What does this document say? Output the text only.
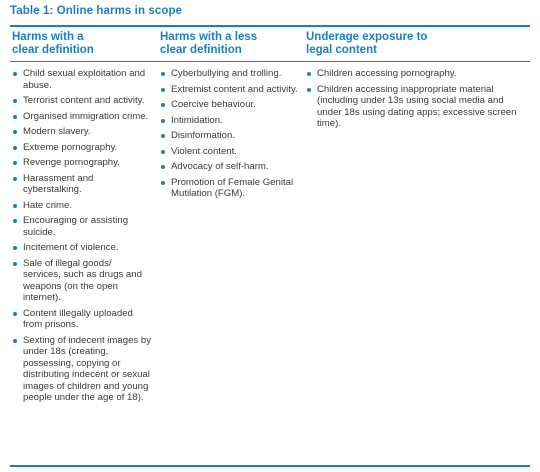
Table 1: Online harms in scope
Harms with a
clear definition
Child sexual exploitation and abuse.
Terrorist content and activity.
Organised immigration crime.
Modern slavery.
Extreme pornography.
Revenge pornography.
Harassment and cyberstalking.
Hate crime.
Encouraging or assisting suicide.
Incitement of violence.
Sale of illegal goods/ services, such as drugs and weapons (on the open internet).
Content illegally uploaded from prisons.
Sexting of indecent images by under 18s (creating, possessing, copying or distributing indecent or sexual images of children and young people under the age of 18).
Harms with a less
clear definition
Cyberbullying and trolling.
Extremist content and activity.
Coercive behaviour.
Intimidation.
Disinformation.
Violent content.
Advocacy of self-harm.
Promotion of Female Genital Mutilation (FGM).
Underage exposure to
legal content
Children accessing pornography.
Children accessing inappropriate material (including under 13s using social media and under 18s using dating apps; excessive screen time).
